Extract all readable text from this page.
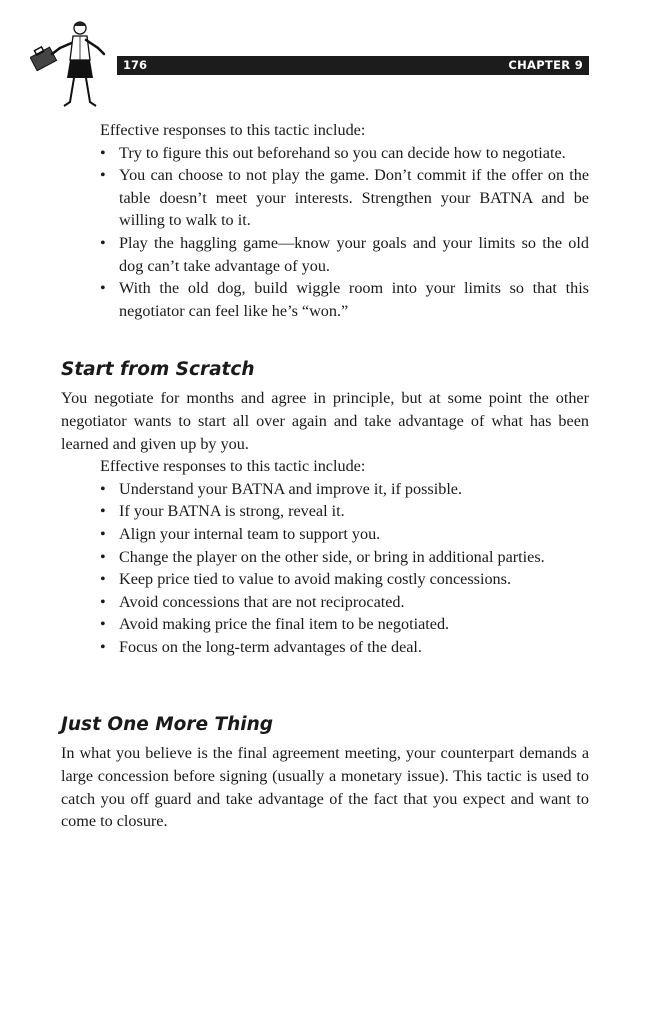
176	CHAPTER 9

Effective responses to this tactic include:

• Try to figure this out beforehand so you can decide how to negotiate.
• You can choose to not play the game. Don’t commit if the offer on the table doesn’t meet your interests. Strengthen your BATNA and be willing to walk to it.
• Play the haggling game—know your goals and your limits so the old dog can’t take advantage of you.
• With the old dog, build wiggle room into your limits so that this negotiator can feel like he’s “won.”
Start from Scratch

You negotiate for months and agree in principle, but at some point the other negotiator wants to start all over again and take advantage of what has been learned and given up by you.

Effective responses to this tactic include:

• Understand your BATNA and improve it, if possible.
• If your BATNA is strong, reveal it.
• Align your internal team to support you.
• Change the player on the other side, or bring in additional parties.
• Keep price tied to value to avoid making costly concessions.
• Avoid concessions that are not reciprocated.
• Avoid making price the final item to be negotiated.
• Focus on the long-term advantages of the deal.
Just One More Thing

In what you believe is the final agreement meeting, your counterpart demands a large concession before signing (usually a monetary issue). This tactic is used to catch you off guard and take advantage of the fact that you expect and want to come to closure.
